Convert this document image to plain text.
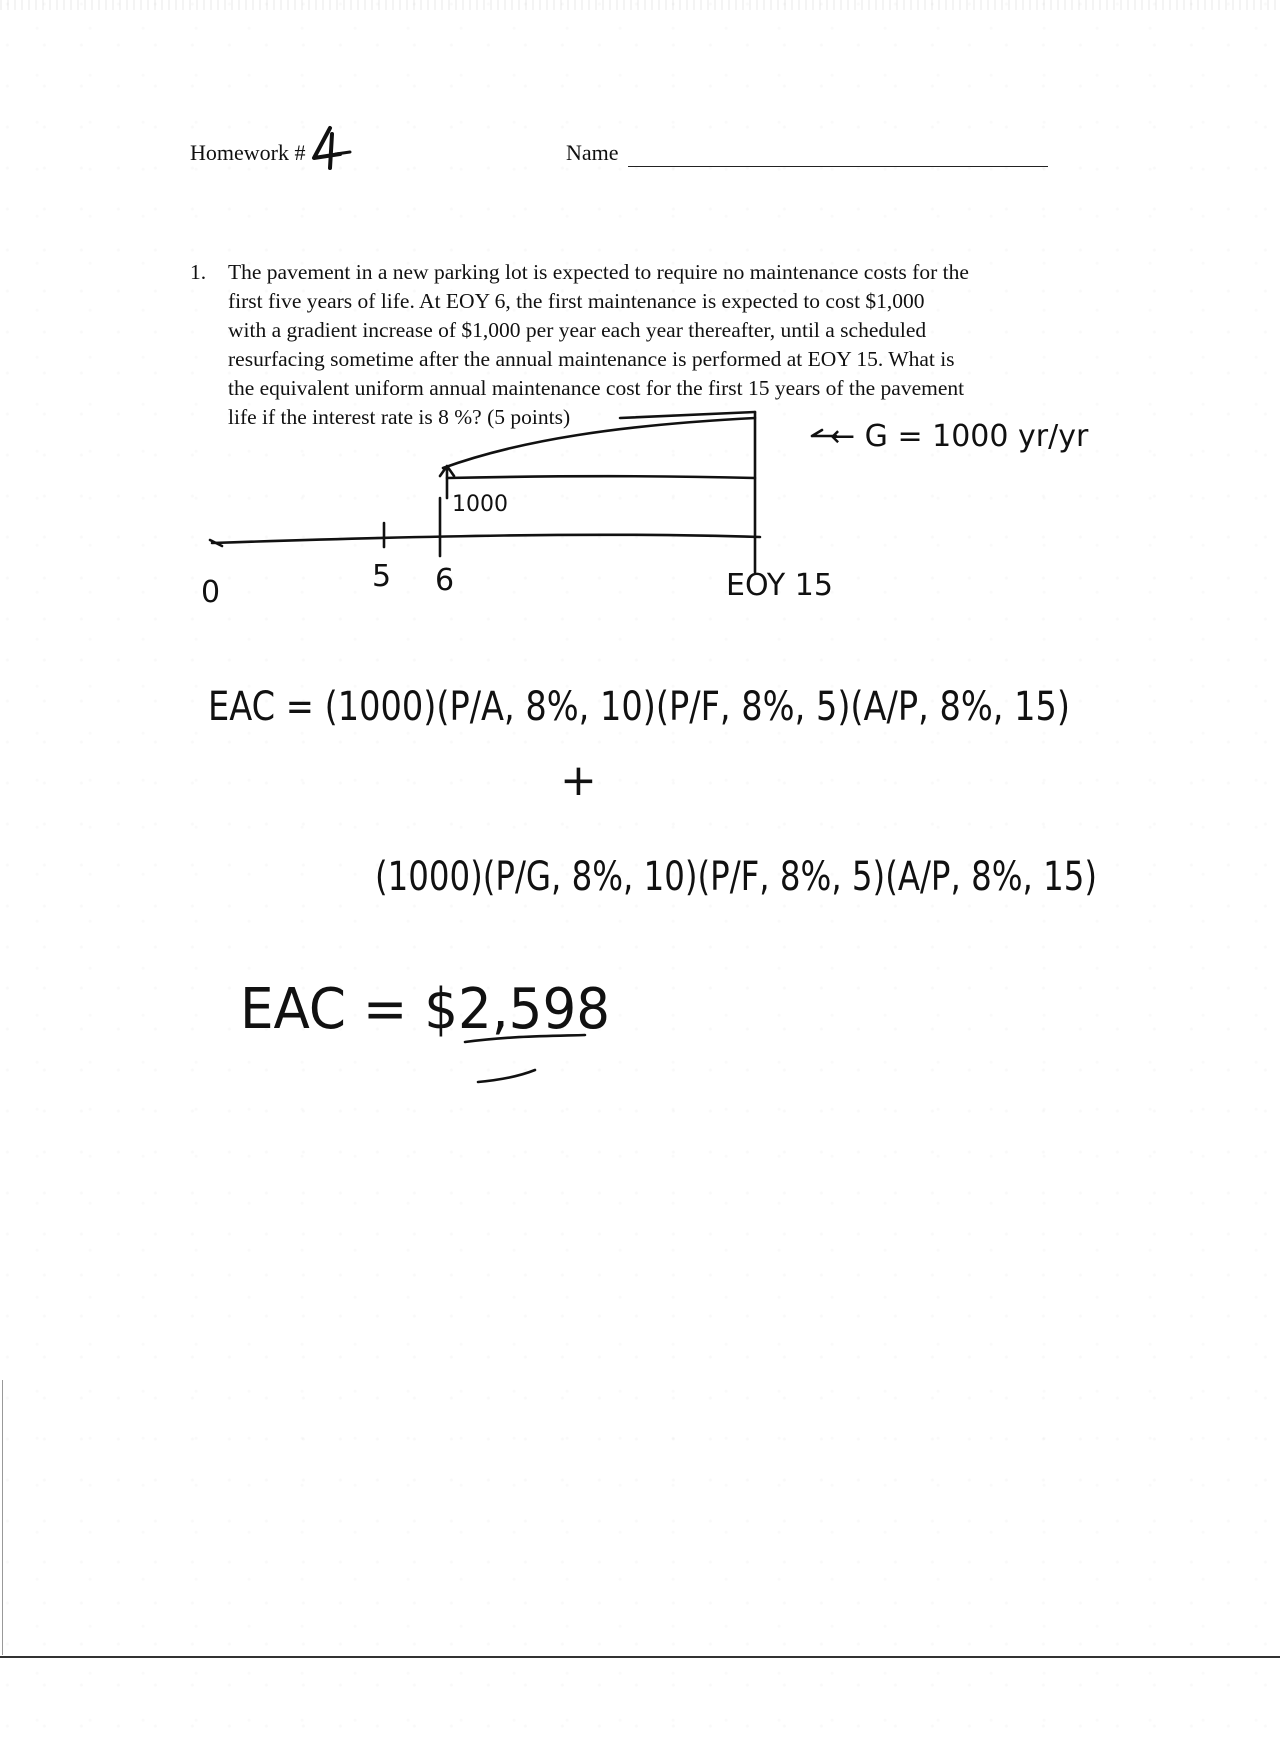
Homework #	4	Name
1. The pavement in a new parking lot is expected to require no maintenance costs for the
first five years of life. At EOY 6, the first maintenance is expected to cost $1,000
with a gradient increase of $1,000 per year each year thereafter, until a scheduled
resurfacing sometime after the annual maintenance is performed at EOY 15. What is
the equivalent uniform annual maintenance cost for the first 15 years of the pavement
life if the interest rate is 8 %? (5 points)
← G = 1000 yr/yr
1000
0	5 6	EOY 15
EAC = (1000)(P/A, 8%, 10)(P/F, 8%, 5)(A/P, 8%, 15)
+
(1000)(P/G, 8%, 10)(P/F, 8%, 5)(A/P, 8%, 15)
EAC = $2,598
